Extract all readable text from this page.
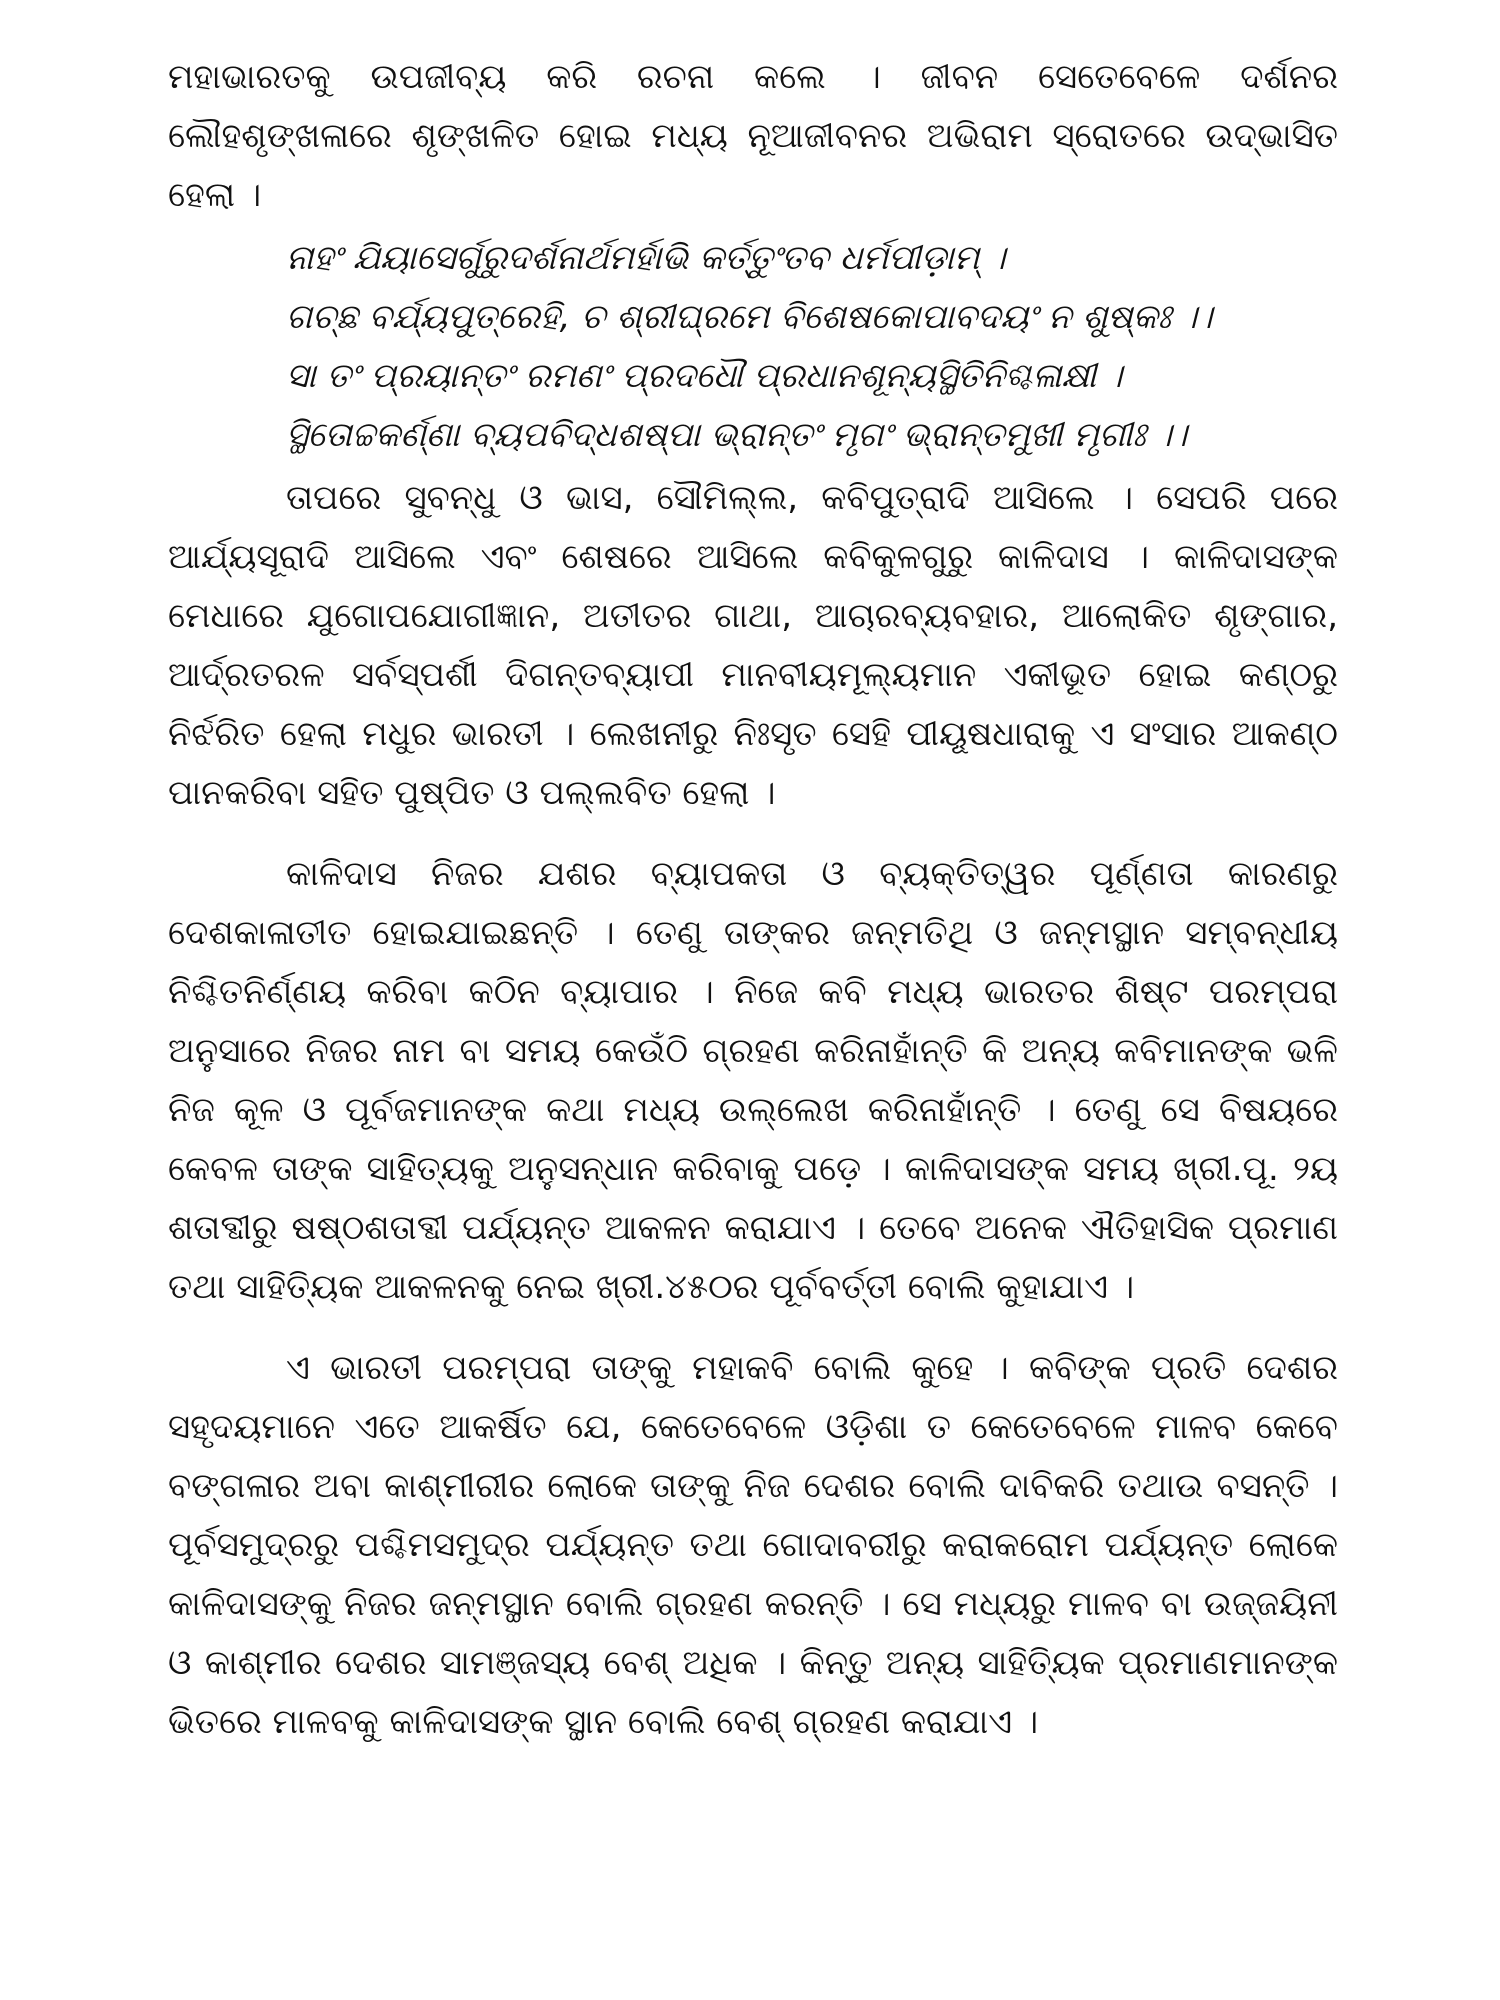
ମହାଭାରତକୁ ଉପଜୀବ୍ୟ କରି ରଚନା କଲେ । ଜୀବନ ସେତେବେଳେ ଦର୍ଶନର ଲୌହଶୃଙ୍ଖଳାରେ ଶୃଙ୍ଖଳିତ ହୋଇ ମଧ୍ୟ ନୂଆଜୀବନର ଅଭିରାମ ସ୍ରୋତରେ ଉଦ୍ଭାସିତ ହେଲା ।

ନାହଂ ଯିୟାସେର୍ଗୁରୁଦର୍ଶନାର୍ଥମର୍ହାଭି କର୍ତ୍ତୁଂତବ ଧର୍ମପୀଡ଼ାମ୍ ।

ଗଚ୍ଛ ବର୍ଯ୍ୟପୁତ୍ରେହି, ଚ ଶ୍ରୀଘ୍ରମେ ବିଶେଷକୋପାବଦୟଂ ନ ଶୁଷ୍କଃ ।।

ସା ତଂ ପ୍ରୟାନ୍ତଂ ରମଣଂ ପ୍ରଦଧୌ ପ୍ରଧାନଶୂନ୍ୟସ୍ଥିତିନିଶ୍ଚଳାକ୍ଷୀ ।

ସ୍ଥିତୋଚ୍ଚକର୍ଣ୍ଣା ବ୍ୟପବିଦ୍ଧଶଷ୍ପା ଭ୍ରାନ୍ତଂ ମୃଗଂ ଭ୍ରାନ୍ତମୁଖୀ ମୃଗୀଃ ।।

ତାପରେ ସୁବନ୍ଧୁ ଓ ଭାସ, ସୌମିଲ୍ଲ, କବିପୁତ୍ରାଦି ଆସିଲେ । ସେପରି ପରେ ଆର୍ଯ୍ୟସୂରାଦି ଆସିଲେ ଏବଂ ଶେଷରେ ଆସିଲେ କବିକୁଳଗୁରୁ କାଳିଦାସ । କାଳିଦାସଙ୍କ ମେଧାରେ ଯୁଗୋପଯୋଗୀଜ୍ଞାନ, ଅତୀତର ଗାଥା, ଆଚାରବ୍ୟବହାର, ଆଲୋକିତ ଶୃଙ୍ଗାର, ଆର୍ଦ୍ରତରଳ ସର୍ବସ୍ପର୍ଶୀ ଦିଗନ୍ତବ୍ୟାପୀ ମାନବୀୟମୂଲ୍ୟମାନ ଏକୀଭୂତ ହୋଇ କଣ୍ଠରୁ ନିର୍ଝରିତ ହେଲା ମଧୁର ଭାରତୀ । ଲେଖନୀରୁ ନିଃସୃତ ସେହି ପୀୟୂଷଧାରାକୁ ଏ ସଂସାର ଆକଣ୍ଠ ପାନକରିବା ସହିତ ପୁଷ୍ପିତ ଓ ପଲ୍ଲବିତ ହେଲା ।

କାଳିଦାସ ନିଜର ଯଶର ବ୍ୟାପକତା ଓ ବ୍ୟକ୍ତିତ୍ୱର ପୂର୍ଣ୍ଣତା କାରଣରୁ ଦେଶକାଳାତୀତ ହୋଇଯାଇଛନ୍ତି । ତେଣୁ ତାଙ୍କର ଜନ୍ମତିଥି ଓ ଜନ୍ମସ୍ଥାନ ସମ୍ବନ୍ଧୀୟ ନିଶ୍ଚିତନିର୍ଣ୍ଣୟ କରିବା କଠିନ ବ୍ୟାପାର । ନିଜେ କବି ମଧ୍ୟ ଭାରତର ଶିଷ୍ଟ ପରମ୍ପରା ଅନୁସାରେ ନିଜର ନାମ ବା ସମୟ କେଉଁଠି ଗ୍ରହଣ କରିନାହାଁନ୍ତି କି ଅନ୍ୟ କବିମାନଙ୍କ ଭଳି ନିଜ କୂଳ ଓ ପୂର୍ବଜମାନଙ୍କ କଥା ମଧ୍ୟ ଉଲ୍ଲେଖ କରିନାହାଁନ୍ତି । ତେଣୁ ସେ ବିଷୟରେ କେବଳ ତାଙ୍କ ସାହିତ୍ୟକୁ ଅନୁସନ୍ଧାନ କରିବାକୁ ପଡ଼େ । କାଳିଦାସଙ୍କ ସମୟ ଖ୍ରୀ.ପୂ. ୨ୟ ଶତାବ୍ଦୀରୁ ଷଷ୍ଠଶତାବ୍ଦୀ ପର୍ଯ୍ୟନ୍ତ ଆକଳନ କରାଯାଏ । ତେବେ ଅନେକ ଐତିହାସିକ ପ୍ରମାଣ ତଥା ସାହିତ୍ୟିକ ଆକଳନକୁ ନେଇ ଖ୍ରୀ.୪୫୦ର ପୂର୍ବବର୍ତ୍ତୀ ବୋଲି କୁହାଯାଏ ।

ଏ ଭାରତୀ ପରମ୍ପରା ତାଙ୍କୁ ମହାକବି ବୋଲି କୁହେ । କବିଙ୍କ ପ୍ରତି ଦେଶର ସହୃଦୟମାନେ ଏତେ ଆକର୍ଷିତ ଯେ, କେତେବେଳେ ଓଡ଼ିଶା ତ କେତେବେଳେ ମାଳବ କେବେ ବଙ୍ଗଳାର ଅବା କାଶ୍ମୀରୀର ଲୋକେ ତାଙ୍କୁ ନିଜ ଦେଶର ବୋଲି ଦାବିକରି ତଥାଉ ବସନ୍ତି । ପୂର୍ବସମୁଦ୍ରରୁ ପଶ୍ଚିମସମୁଦ୍ର ପର୍ଯ୍ୟନ୍ତ ତଥା ଗୋଦାବରୀରୁ କରାକରୋମ ପର୍ଯ୍ୟନ୍ତ ଲୋକେ କାଳିଦାସଙ୍କୁ ନିଜର ଜନ୍ମସ୍ଥାନ ବୋଲି ଗ୍ରହଣ କରନ୍ତି । ସେ ମଧ୍ୟରୁ ମାଳବ ବା ଉଜ୍ଜୟିନୀ ଓ କାଶ୍ମୀର ଦେଶର ସାମଞ୍ଜସ୍ୟ ବେଶ୍ ଅଧିକ । କିନ୍ତୁ ଅନ୍ୟ ସାହିତ୍ୟିକ ପ୍ରମାଣମାନଙ୍କ ଭିତରେ ମାଳବକୁ କାଳିଦାସଙ୍କ ସ୍ଥାନ ବୋଲି ବେଶ୍ ଗ୍ରହଣ କରାଯାଏ ।
